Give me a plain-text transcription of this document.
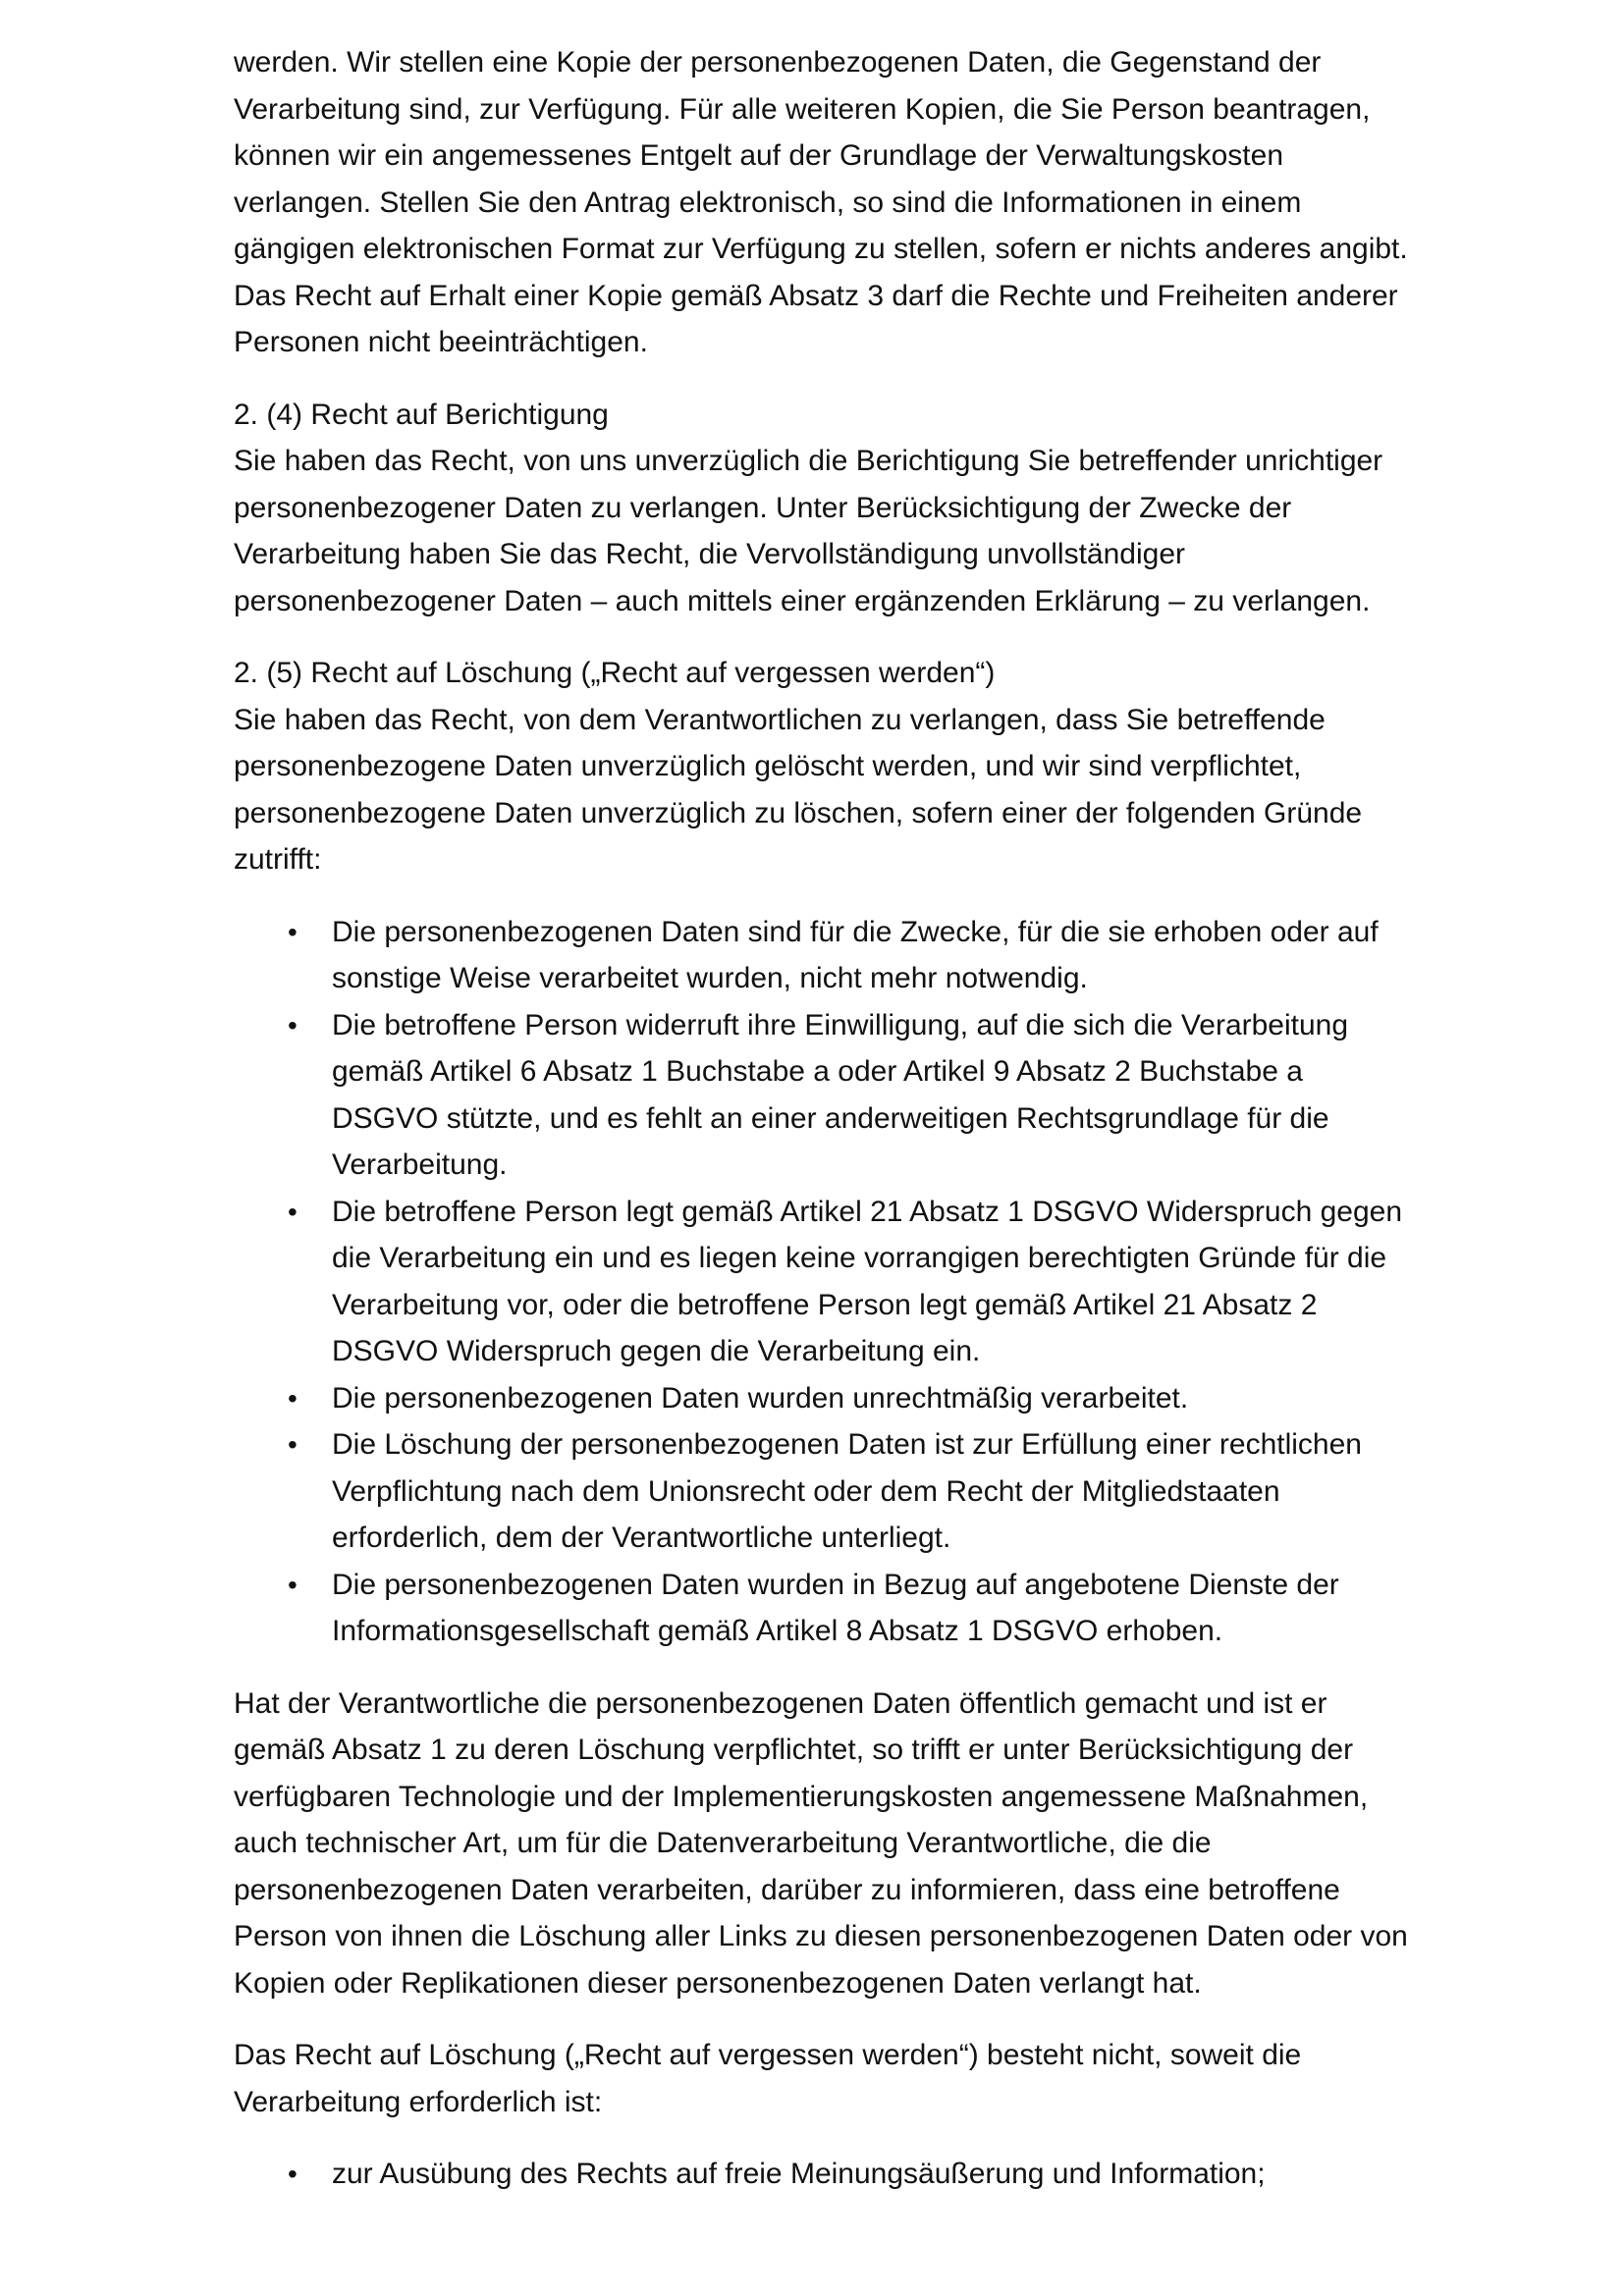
werden. Wir stellen eine Kopie der personenbezogenen Daten, die Gegenstand der Verarbeitung sind, zur Verfügung. Für alle weiteren Kopien, die Sie Person beantragen, können wir ein angemessenes Entgelt auf der Grundlage der Verwaltungskosten verlangen. Stellen Sie den Antrag elektronisch, so sind die Informationen in einem gängigen elektronischen Format zur Verfügung zu stellen, sofern er nichts anderes angibt. Das Recht auf Erhalt einer Kopie gemäß Absatz 3 darf die Rechte und Freiheiten anderer Personen nicht beeinträchtigen.

2. (4) Recht auf Berichtigung

Sie haben das Recht, von uns unverzüglich die Berichtigung Sie betreffender unrichtiger personenbezogener Daten zu verlangen. Unter Berücksichtigung der Zwecke der Verarbeitung haben Sie das Recht, die Vervollständigung unvollständiger personenbezogener Daten – auch mittels einer ergänzenden Erklärung – zu verlangen.

2. (5) Recht auf Löschung („Recht auf vergessen werden“)

Sie haben das Recht, von dem Verantwortlichen zu verlangen, dass Sie betreffende personenbezogene Daten unverzüglich gelöscht werden, und wir sind verpflichtet, personenbezogene Daten unverzüglich zu löschen, sofern einer der folgenden Gründe zutrifft:

• Die personenbezogenen Daten sind für die Zwecke, für die sie erhoben oder auf sonstige Weise verarbeitet wurden, nicht mehr notwendig.
• Die betroffene Person widerruft ihre Einwilligung, auf die sich die Verarbeitung gemäß Artikel 6 Absatz 1 Buchstabe a oder Artikel 9 Absatz 2 Buchstabe a DSGVO stützte, und es fehlt an einer anderweitigen Rechtsgrundlage für die Verarbeitung.
• Die betroffene Person legt gemäß Artikel 21 Absatz 1 DSGVO Widerspruch gegen die Verarbeitung ein und es liegen keine vorrangigen berechtigten Gründe für die Verarbeitung vor, oder die betroffene Person legt gemäß Artikel 21 Absatz 2 DSGVO Widerspruch gegen die Verarbeitung ein.
• Die personenbezogenen Daten wurden unrechtmäßig verarbeitet.
• Die Löschung der personenbezogenen Daten ist zur Erfüllung einer rechtlichen Verpflichtung nach dem Unionsrecht oder dem Recht der Mitgliedstaaten erforderlich, dem der Verantwortliche unterliegt.
• Die personenbezogenen Daten wurden in Bezug auf angebotene Dienste der Informationsgesellschaft gemäß Artikel 8 Absatz 1 DSGVO erhoben.

Hat der Verantwortliche die personenbezogenen Daten öffentlich gemacht und ist er gemäß Absatz 1 zu deren Löschung verpflichtet, so trifft er unter Berücksichtigung der verfügbaren Technologie und der Implementierungskosten angemessene Maßnahmen, auch technischer Art, um für die Datenverarbeitung Verantwortliche, die die personenbezogenen Daten verarbeiten, darüber zu informieren, dass eine betroffene Person von ihnen die Löschung aller Links zu diesen personenbezogenen Daten oder von Kopien oder Replikationen dieser personenbezogenen Daten verlangt hat.

Das Recht auf Löschung („Recht auf vergessen werden“) besteht nicht, soweit die Verarbeitung erforderlich ist:

• zur Ausübung des Rechts auf freie Meinungsäußerung und Information;
